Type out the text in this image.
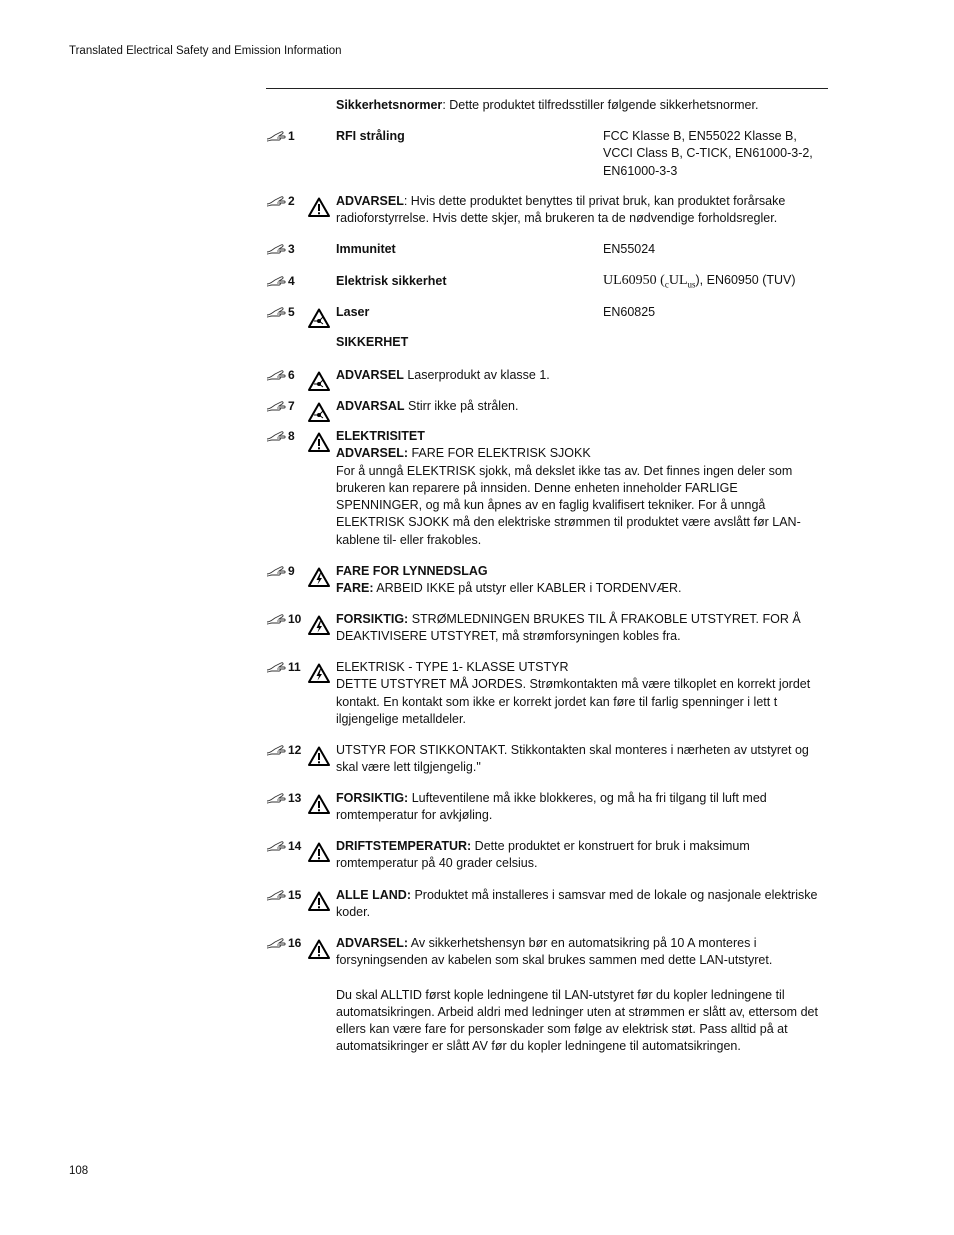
Translated Electrical Safety and Emission Information
Sikkerhetsnormer: Dette produktet tilfredsstiller følgende sikkerhetsnormer.
1	RFI stråling	FCC Klasse B, EN55022 Klasse B, VCCI Class B, C-TICK, EN61000-3-2, EN61000-3-3
2	ADVARSEL: Hvis dette produktet benyttes til privat bruk, kan produktet forårsake radioforstyrrelse. Hvis dette skjer, må brukeren ta de nødvendige forholdsregler.
3	Immunitet	EN55024
4	Elektrisk sikkerhet	UL60950 $(_cUL_{us})$, EN60950 (TUV)
5	Laser	EN60825
SIKKERHET
6	ADVARSEL Laserprodukt av klasse 1.
7	ADVARSAL Stirr ikke på strålen.
8	ELEKTRISITET
ADVARSEL: FARE FOR ELEKTRISK SJOKK
For å unngå ELEKTRISK sjokk, må dekslet ikke tas av. Det finnes ingen deler som brukeren kan reparere på innsiden. Denne enheten inneholder FARLIGE SPENNINGER, og må kun åpnes av en faglig kvalifisert tekniker. For å unngå ELEKTRISK SJOKK må den elektriske strømmen til produktet være avslått før LAN-kablene til- eller frakobles.
9	FARE FOR LYNNEDSLAG
FARE: ARBEID IKKE på utstyr eller KABLER i TORDENVÆR.
10	FORSIKTIG: STRØMLEDNINGEN BRUKES TIL Å FRAKOBLE UTSTYRET. FOR Å DEAKTIVISERE UTSTYRET, må strømforsyningen kobles fra.
11	ELEKTRISK - TYPE 1- KLASSE UTSTYR
DETTE UTSTYRET MÅ JORDES. Strømkontakten må være tilkoplet en korrekt jordet kontakt. En kontakt som ikke er korrekt jordet kan føre til farlig spenninger i lett t ilgjengelige metalldeler.
12	UTSTYR FOR STIKKONTAKT. Stikkontakten skal monteres i nærheten av utstyret og skal være lett tilgjengelig."
13	FORSIKTIG: Lufteventilene må ikke blokkeres, og må ha fri tilgang til luft med romtemperatur for avkjøling.
14	DRIFTSTEMPERATUR: Dette produktet er konstruert for bruk i maksimum romtemperatur på 40 grader celsius.
15	ALLE LAND: Produktet må installeres i samsvar med de lokale og nasjonale elektriske koder.
16	ADVARSEL: Av sikkerhetshensyn bør en automatsikring på 10 A monteres i forsyningsenden av kabelen som skal brukes sammen med dette LAN-utstyret.
Du skal ALLTID først kople ledningene til LAN-utstyret før du kopler ledningene til automatsikringen. Arbeid aldri med ledninger uten at strømmen er slått av, ettersom det ellers kan være fare for personskader som følge av elektrisk støt. Pass alltid på at automatsikringer er slått AV før du kopler ledningene til automatsikringen.
108
